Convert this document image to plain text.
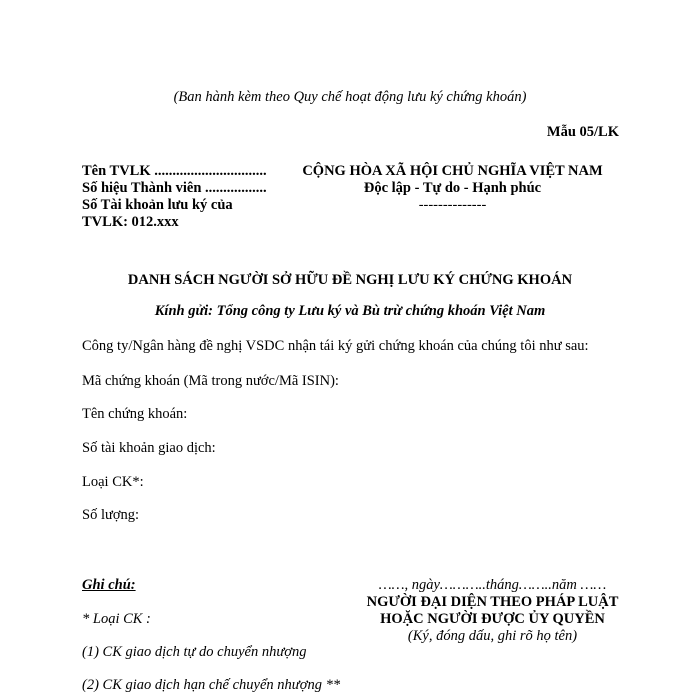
(Ban hành kèm theo Quy chế hoạt động lưu ký chứng khoán)
Mẫu 05/LK
Tên TVLK ...............................
Số hiệu Thành viên .................
Số Tài khoản lưu ký của
TVLK: 012.xxx
CỘNG HÒA XÃ HỘI CHỦ NGHĨA VIỆT NAM
Độc lập - Tự do - Hạnh phúc
--------------
DANH SÁCH NGƯỜI SỞ HỮU ĐỀ NGHỊ LƯU KÝ CHỨNG KHOÁN
Kính gửi: Tổng công ty Lưu ký và Bù trừ chứng khoán Việt Nam
Công ty/Ngân hàng đề nghị VSDC nhận tái ký gửi chứng khoán của chúng tôi như sau:
Mã chứng khoán (Mã trong nước/Mã ISIN):
Tên chứng khoán:
Số tài khoản giao dịch:
Loại CK*:
Số lượng:
Ghi chú:
* Loại CK :
(1) CK giao dịch tự do chuyển nhượng
(2) CK giao dịch hạn chế chuyển nhượng **
……, ngày………..tháng……..năm ……
NGƯỜI ĐẠI DIỆN THEO PHÁP LUẬT
HOẶC NGƯỜI ĐƯỢC ỦY QUYỀN
(Ký, đóng dấu, ghi rõ họ tên)
